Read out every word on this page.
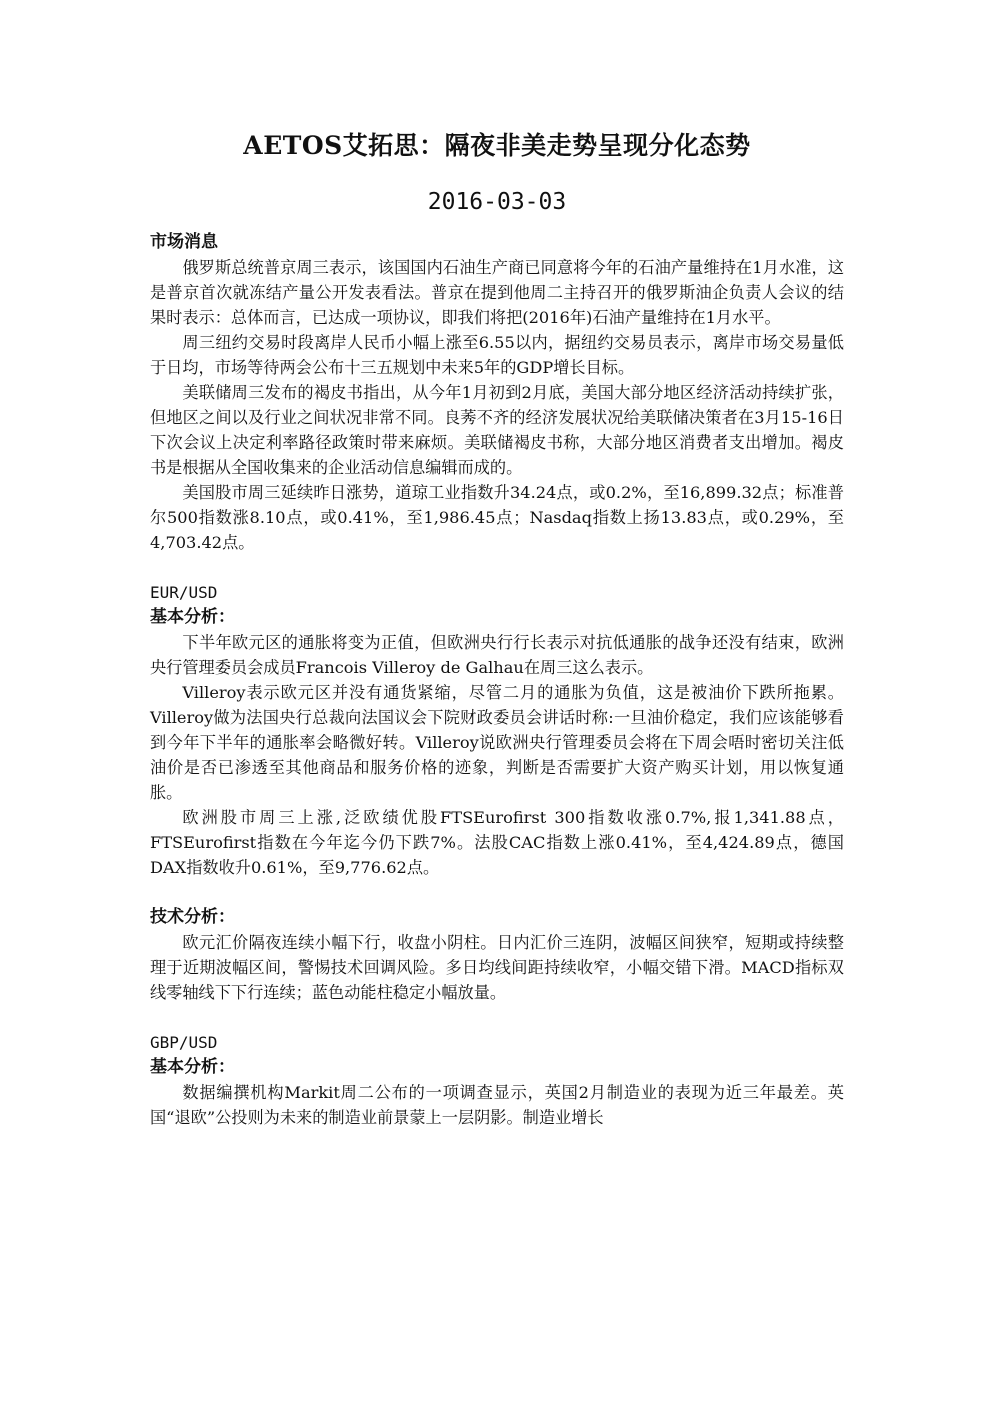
AETOS艾拓思：隔夜非美走势呈现分化态势
2016-03-03
市场消息

俄罗斯总统普京周三表示，该国国内石油生产商已同意将今年的石油产量维持在1月水准，这是普京首次就冻结产量公开发表看法。普京在提到他周二主持召开的俄罗斯油企负责人会议的结果时表示：总体而言，已达成一项协议，即我们将把(2016年)石油产量维持在1月水平。

周三纽约交易时段离岸人民币小幅上涨至6.55以内，据纽约交易员表示，离岸市场交易量低于日均，市场等待两会公布十三五规划中未来5年的GDP增长目标。

美联储周三发布的褐皮书指出，从今年1月初到2月底，美国大部分地区经济活动持续扩张，但地区之间以及行业之间状况非常不同。良莠不齐的经济发展状况给美联储决策者在3月15-16日下次会议上决定利率路径政策时带来麻烦。美联储褐皮书称，大部分地区消费者支出增加。褐皮书是根据从全国收集来的企业活动信息编辑而成的。

美国股市周三延续昨日涨势，道琼工业指数升34.24点，或0.2%，至16,899.32点；标准普尔500指数涨8.10点，或0.41%，至1,986.45点；Nasdaq指数上扬13.83点，或0.29%，至4,703.42点。

EUR/USD
基本分析：

下半年欧元区的通胀将变为正值，但欧洲央行行长表示对抗低通胀的战争还没有结束，欧洲央行管理委员会成员Francois Villeroy de Galhau在周三这么表示。

Villeroy表示欧元区并没有通货紧缩，尽管二月的通胀为负值，这是被油价下跌所拖累。Villeroy做为法国央行总裁向法国议会下院财政委员会讲话时称:一旦油价稳定，我们应该能够看到今年下半年的通胀率会略微好转。Villeroy说欧洲央行管理委员会将在下周会唔时密切关注低油价是否已渗透至其他商品和服务价格的迹象，判断是否需要扩大资产购买计划，用以恢复通胀。

欧洲股市周三上涨,泛欧绩优股FTSEurofirst 300指数收涨0.7%,报1,341.88点，FTSEurofirst指数在今年迄今仍下跌7%。法股CAC指数上涨0.41%，至4,424.89点，德国DAX指数收升0.61%，至9,776.62点。

技术分析：

欧元汇价隔夜连续小幅下行，收盘小阴柱。日内汇价三连阴，波幅区间狭窄，短期或持续整理于近期波幅区间，警惕技术回调风险。多日均线间距持续收窄，小幅交错下滑。MACD指标双线零轴线下下行连续；蓝色动能柱稳定小幅放量。

GBP/USD
基本分析：

数据编撰机构Markit周二公布的一项调查显示，英国2月制造业的表现为近三年最差。英国“退欧”公投则为未来的制造业前景蒙上一层阴影。制造业增长
